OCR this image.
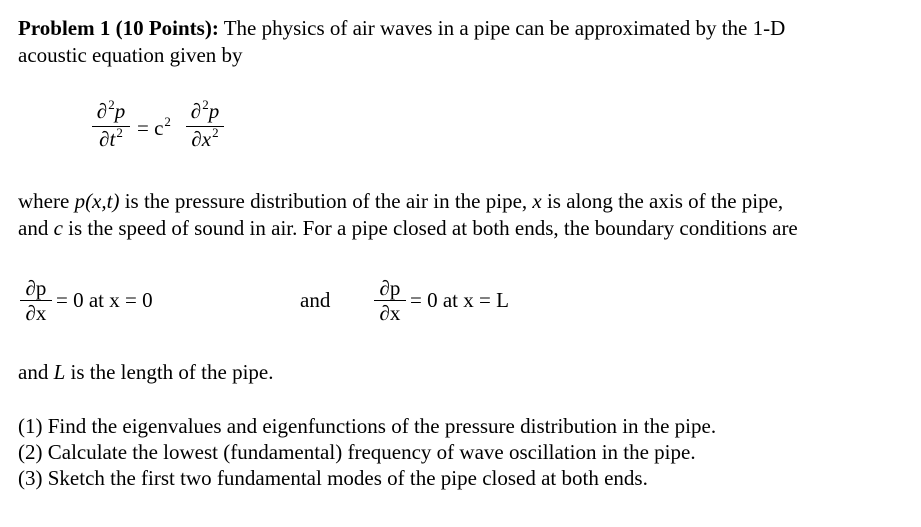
Problem 1 (10 Points): The physics of air waves in a pipe can be approximated by the 1-D
acoustic equation given by
∂$^2$p
$\partial t^2 = c^2$ ∂$^2$p
$\partial x^2$
where p(x,t) is the pressure distribution of the air in the pipe, x is along the axis of the pipe,
and c is the speed of sound in air. For a pipe closed at both ends, the boundary conditions are
∂p
∂x
= 0 at x = 0	and ∂p
∂x
= 0 at x = L
and L is the length of the pipe.
(1) Find the eigenvalues and eigenfunctions of the pressure distribution in the pipe.
(2) Calculate the lowest (fundamental) frequency of wave oscillation in the pipe.
(3) Sketch the first two fundamental modes of the pipe closed at both ends.
